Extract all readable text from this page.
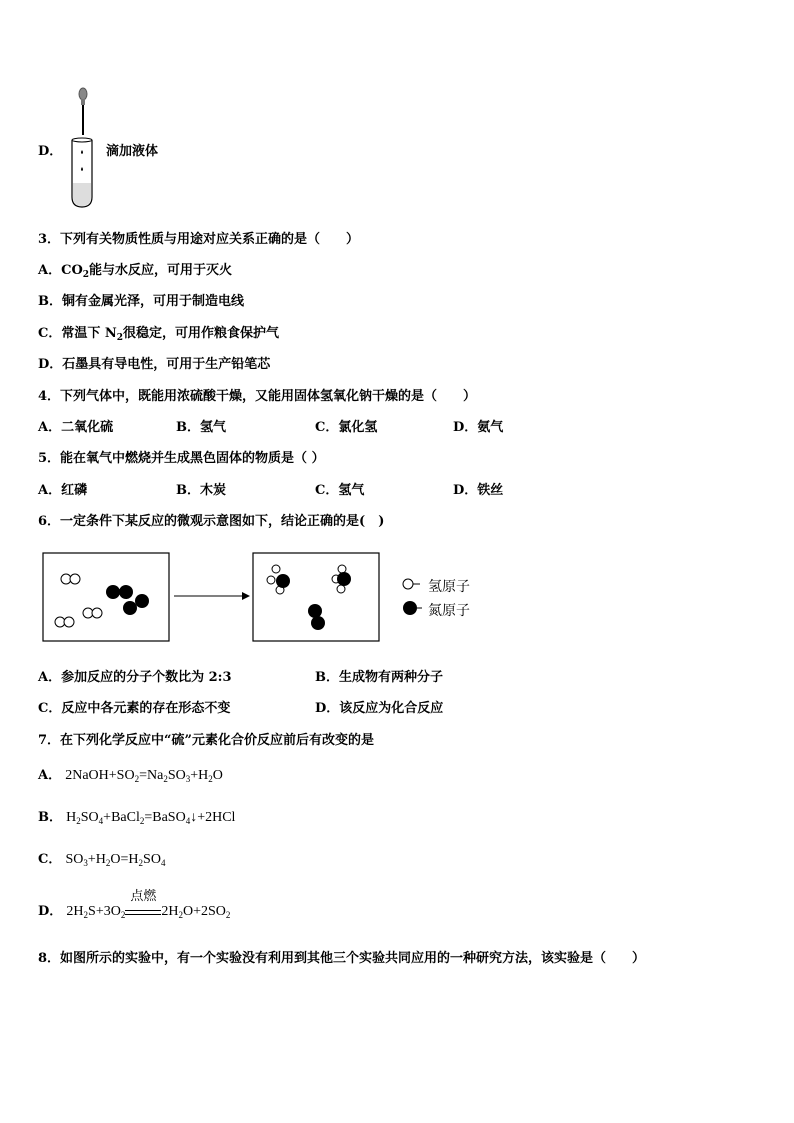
D．	滴加液体
3．下列有关物质性质与用途对应关系正确的是（　　）
A．$CO_2$能与水反应，可用于灭火
B．铜有金属光泽，可用于制造电线
C．常温下 $N_2$很稳定，可用作粮食保护气
D．石墨具有导电性，可用于生产铅笔芯
4．下列气体中，既能用浓硫酸干燥，又能用固体氢氧化钠干燥的是（　　）
A．二氧化硫	B．氢气	C．氯化氢	D．氨气
5．能在氧气中燃烧并生成黑色固体的物质是（ ）
A．红磷	B．木炭	C．氢气	D．铁丝
6．一定条件下某反应的微观示意图如下，结论正确的是(　)
氢原子
氮原子
A．参加反应的分子个数比为 2:3	B．生成物有两种分子
C．反应中各元素的存在形态不变	D．该反应为化合反应
7．在下列化学反应中“硫”元素化合价反应前后有改变的是
A． $2NaOH+SO_2=Na_2SO_3+H_2O$
B． $H_2SO_4+BaCl_2=BaSO_4↓+2HCl$
C． $SO_3+H_2O=H_2SO_4$
D． $2H_2S+3O_2$
点燃
$2H_2O+2SO_2$
8．如图所示的实验中，有一个实验没有利用到其他三个实验共同应用的一种研究方法，该实验是（　　）
